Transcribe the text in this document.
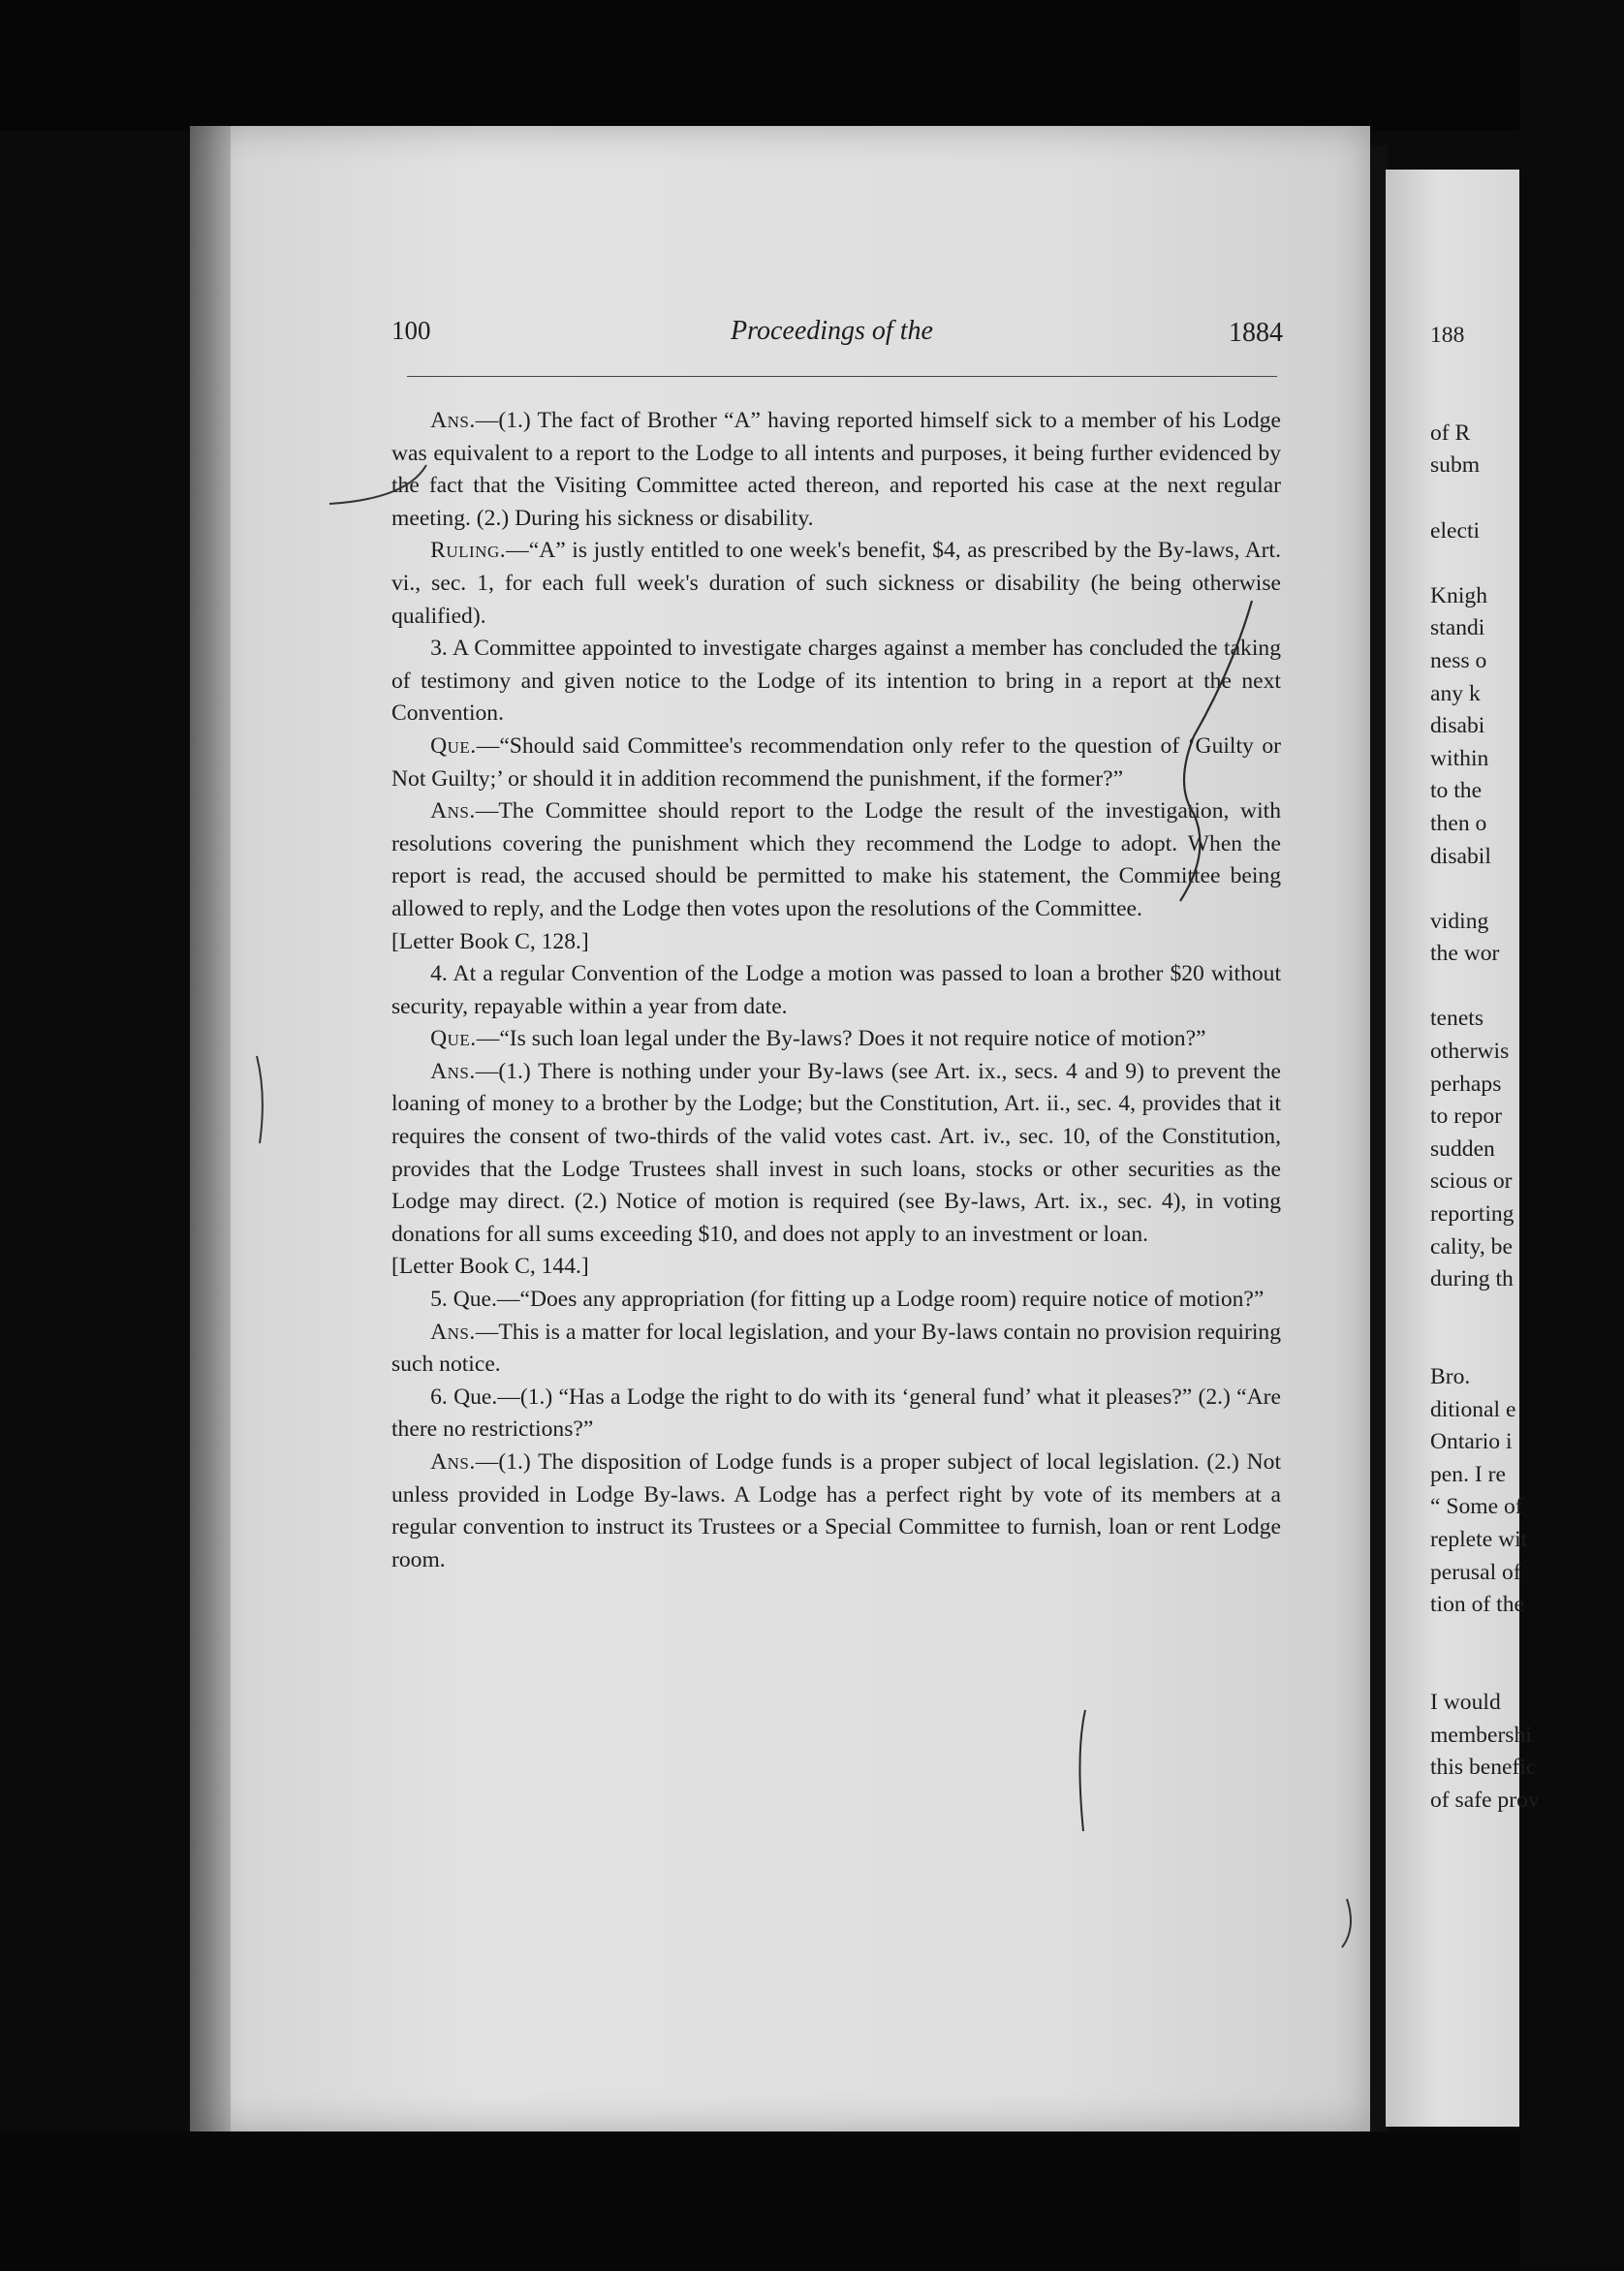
100	Proceedings of the	1884

Ans.—(1.) The fact of Brother “A” having reported himself sick to a member of his Lodge was equivalent to a report to the Lodge to all intents and purposes, it being further evidenced by the fact that the Visiting Committee acted thereon, and reported his case at the next regular meeting. (2.) During his sickness or disability.

Ruling.—“A” is justly entitled to one week's benefit, $4, as prescribed by the By-laws, Art. vi., sec. 1, for each full week's duration of such sickness or disability (he being otherwise qualified).

3. A Committee appointed to investigate charges against a member has concluded the taking of testimony and given notice to the Lodge of its intention to bring in a report at the next Convention.

Que.—“Should said Committee's recommendation only refer to the question of ‘Guilty or Not Guilty;’ or should it in addition recommend the punishment, if the former?”

Ans.—The Committee should report to the Lodge the result of the investigation, with resolutions covering the punishment which they recommend the Lodge to adopt. When the report is read, the accused should be permitted to make his statement, the Committee being allowed to reply, and the Lodge then votes upon the resolutions of the Committee.

[Letter Book C, 128.]

4. At a regular Convention of the Lodge a motion was passed to loan a brother $20 without security, repayable within a year from date.

Que.—“Is such loan legal under the By-laws? Does it not require notice of motion?”

Ans.—(1.) There is nothing under your By-laws (see Art. ix., secs. 4 and 9) to prevent the loaning of money to a brother by the Lodge; but the Constitution, Art. ii., sec. 4, provides that it requires the consent of two-thirds of the valid votes cast. Art. iv., sec. 10, of the Constitution, provides that the Lodge Trustees shall invest in such loans, stocks or other securities as the Lodge may direct. (2.) Notice of motion is required (see By-laws, Art. ix., sec. 4), in voting donations for all sums exceeding $10, and does not apply to an investment or loan.

[Letter Book C, 144.]

5. Que.—“Does any appropriation (for fitting up a Lodge room) require notice of motion?”

Ans.—This is a matter for local legislation, and your By-laws contain no provision requiring such notice.

6. Que.—(1.) “Has a Lodge the right to do with its ‘general fund’ what it pleases?” (2.) “Are there no restrictions?”

Ans.—(1.) The disposition of Lodge funds is a proper subject of local legislation. (2.) Not unless provided in Lodge By-laws. A Lodge has a perfect right by vote of its members at a regular convention to instruct its Trustees or a Special Committee to furnish, loan or rent Lodge room.

188
of R
subm
electi
Knigh
standi
ness o
any k
disabi
within
to the
then o
disabil
viding
the wor
tenets
otherwis
perhaps
to repor
sudden
scious or
reporting
cality, be
during th
Bro.
ditional e
Ontario i
pen. I re
“ Some of
replete wit
perusal of
tion of the
I would
membershi
this benefic
of safe prov
